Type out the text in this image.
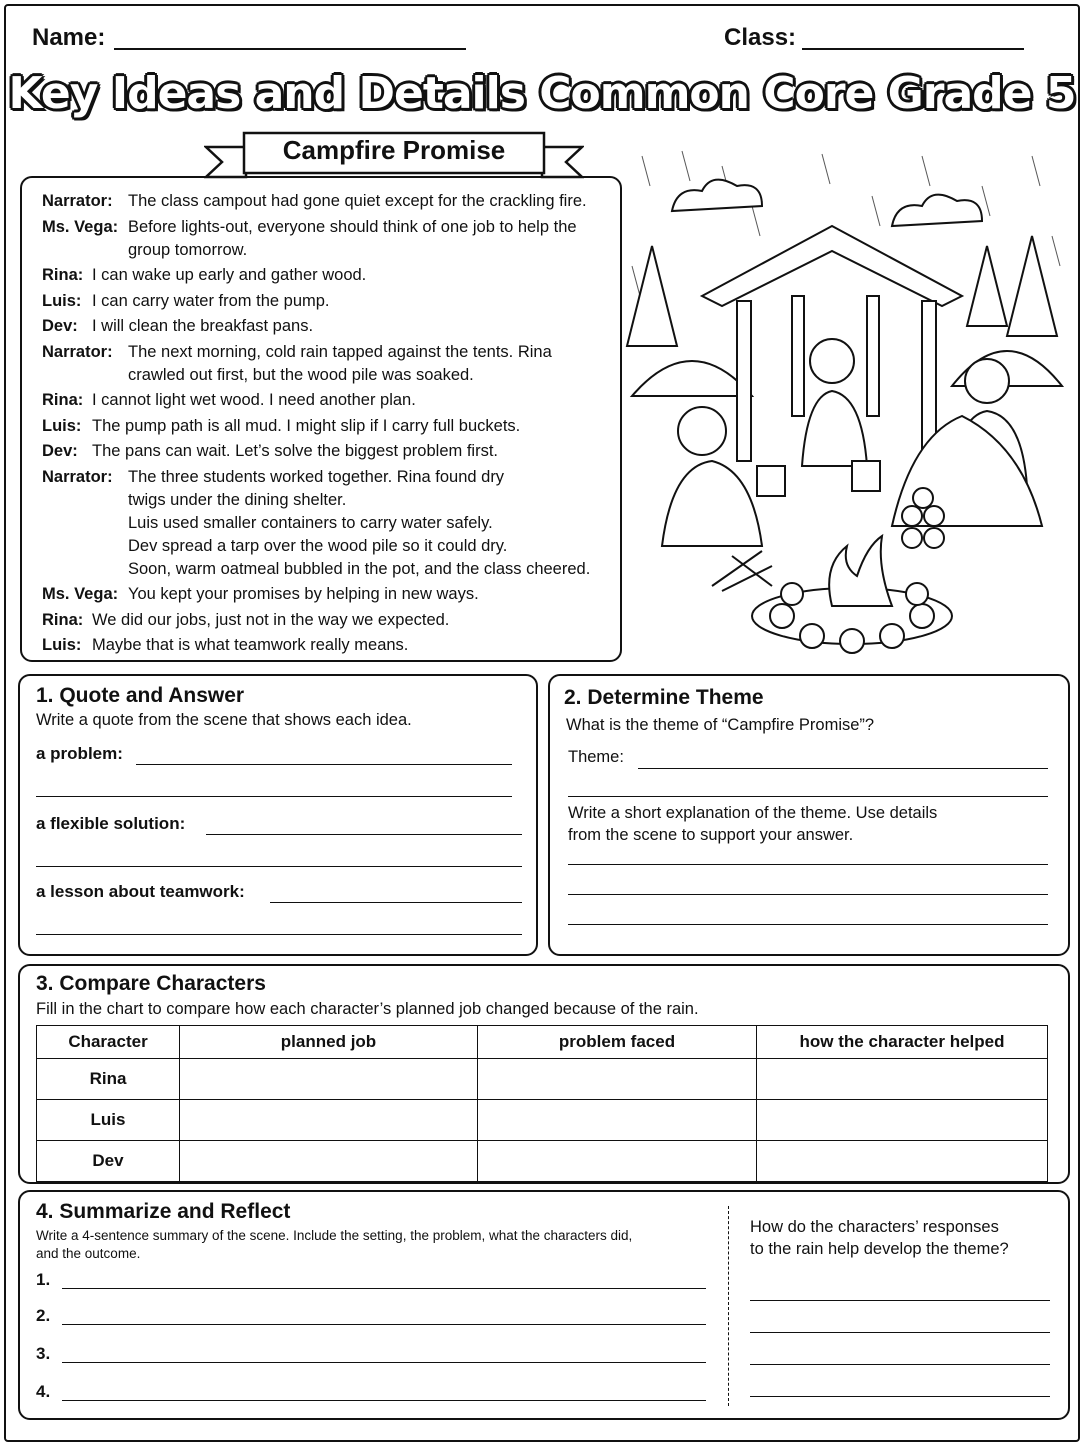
Name:	Class:
Key Ideas and Details Common Core Grade 5
Campfire Promise
Narrator: The class campout had gone quiet except for the crackling fire.
Ms. Vega: Before lights-out, everyone should think of one job to help the
group tomorrow.
Rina: I can wake up early and gather wood.
Luis: I can carry water from the pump.
Dev: I will clean the breakfast pans.
Narrator: The next morning, cold rain tapped against the tents. Rina
crawled out first, but the wood pile was soaked.
Rina: I cannot light wet wood. I need another plan.
Luis: The pump path is all mud. I might slip if I carry full buckets.
Dev: The pans can wait. Let’s solve the biggest problem first.
Narrator: The three students worked together. Rina found dry
twigs under the dining shelter.
Luis used smaller containers to carry water safely.
Dev spread a tarp over the wood pile so it could dry.
Soon, warm oatmeal bubbled in the pot, and the class cheered.
Ms. Vega: You kept your promises by helping in new ways.
Rina: We did our jobs, just not in the way we expected.
Luis: Maybe that is what teamwork really means.
1. Quote and Answer
Write a quote from the scene that shows each idea.
a problem:
a flexible solution:
a lesson about teamwork:
2. Determine Theme
What is the theme of “Campfire Promise”?
Theme:
Write a short explanation of the theme. Use details
from the scene to support your answer.
3. Compare Characters
Fill in the chart to compare how each character’s planned job changed because of the rain.
Character	planned job	problem faced	how the character helped
Rina			
Luis			
Dev			
4. Summarize and Reflect
Write a 4-sentence summary of the scene. Include the setting, the problem, what the characters did,
and the outcome.
1.
2.
3.
4.
How do the characters’ responses
to the rain help develop the theme?
